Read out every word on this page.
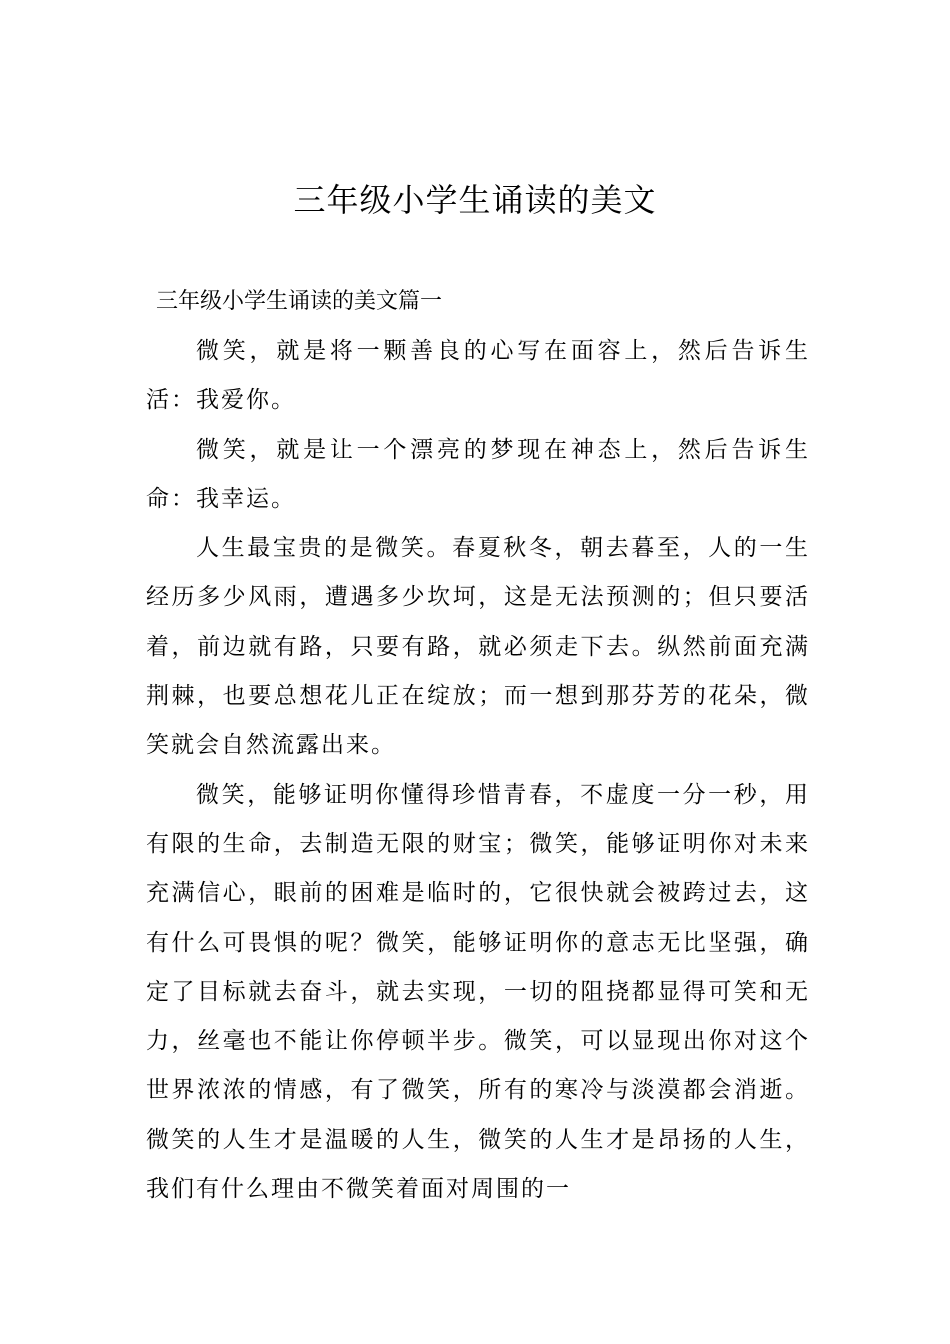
三年级小学生诵读的美文
三年级小学生诵读的美文篇一

微笑，就是将一颗善良的心写在面容上，然后告诉生活：我爱你。

微笑，就是让一个漂亮的梦现在神态上，然后告诉生命：我幸运。

人生最宝贵的是微笑。春夏秋冬，朝去暮至，人的一生经历多少风雨，遭遇多少坎坷，这是无法预测的；但只要活着，前边就有路，只要有路，就必须走下去。纵然前面充满荆棘，也要总想花儿正在绽放；而一想到那芬芳的花朵，微笑就会自然流露出来。

微笑，能够证明你懂得珍惜青春，不虚度一分一秒，用有限的生命，去制造无限的财宝；微笑，能够证明你对未来充满信心，眼前的困难是临时的，它很快就会被跨过去，这有什么可畏惧的呢？微笑，能够证明你的意志无比坚强，确定了目标就去奋斗，就去实现，一切的阻挠都显得可笑和无力，丝毫也不能让你停顿半步。微笑，可以显现出你对这个世界浓浓的情感，有了微笑，所有的寒冷与淡漠都会消逝。微笑的人生才是温暖的人生，微笑的人生才是昂扬的人生，我们有什么理由不微笑着面对周围的一
